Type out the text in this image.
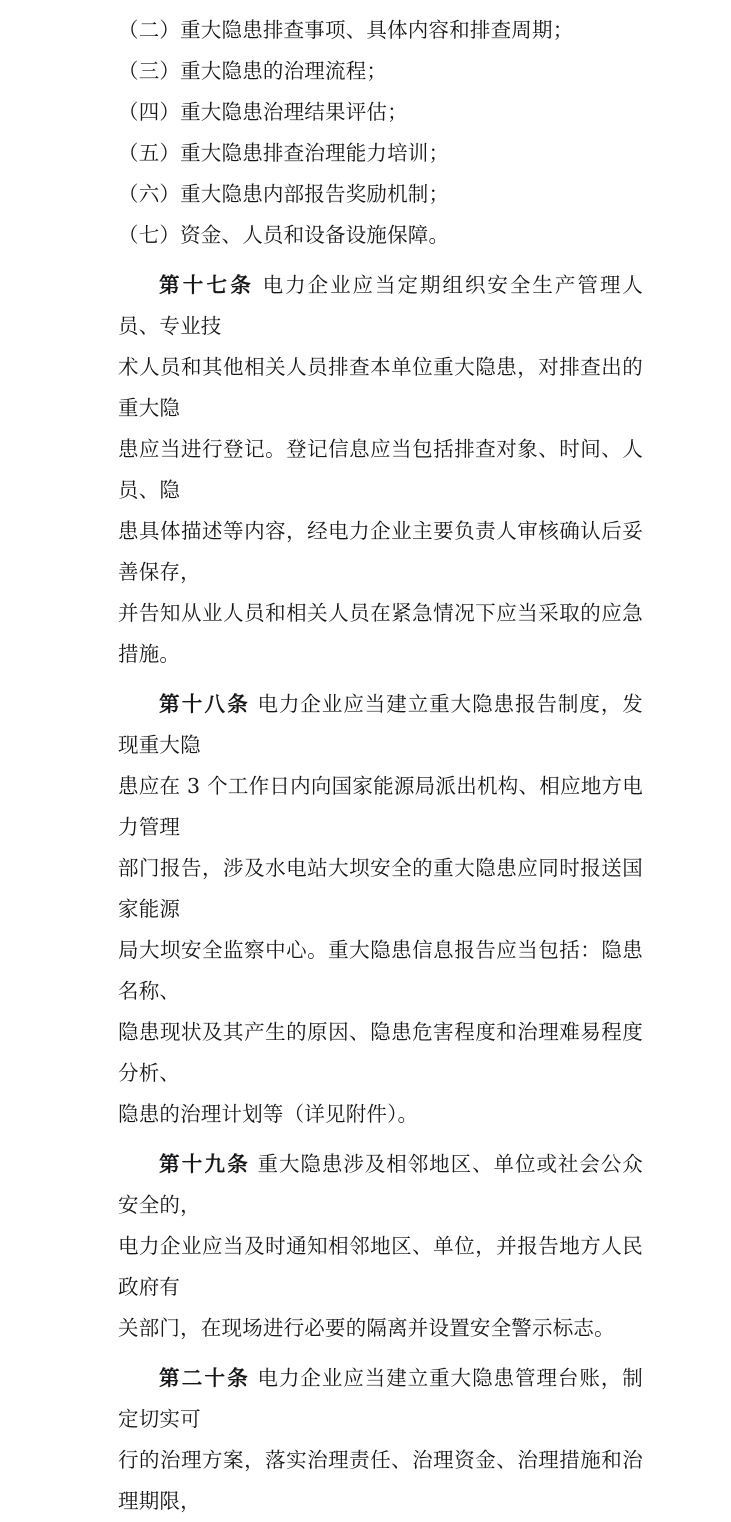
（二）重大隐患排查事项、具体内容和排查周期；

（三）重大隐患的治理流程；

（四）重大隐患治理结果评估；

（五）重大隐患排查治理能力培训；

（六）重大隐患内部报告奖励机制；

（七）资金、人员和设备设施保障。

第十七条 电力企业应当定期组织安全生产管理人员、专业技

术人员和其他相关人员排查本单位重大隐患，对排查出的重大隐

患应当进行登记。登记信息应当包括排查对象、时间、人员、隐

患具体描述等内容，经电力企业主要负责人审核确认后妥善保存，

并告知从业人员和相关人员在紧急情况下应当采取的应急措施。

第十八条 电力企业应当建立重大隐患报告制度，发现重大隐

患应在 3 个工作日内向国家能源局派出机构、相应地方电力管理

部门报告，涉及水电站大坝安全的重大隐患应同时报送国家能源

局大坝安全监察中心。重大隐患信息报告应当包括：隐患名称、

隐患现状及其产生的原因、隐患危害程度和治理难易程度分析、

隐患的治理计划等（详见附件）。

第十九条 重大隐患涉及相邻地区、单位或社会公众安全的，

电力企业应当及时通知相邻地区、单位，并报告地方人民政府有

关部门，在现场进行必要的隔离并设置安全警示标志。

第二十条 电力企业应当建立重大隐患管理台账，制定切实可

行的治理方案，落实治理责任、治理资金、治理措施和治理期限，
